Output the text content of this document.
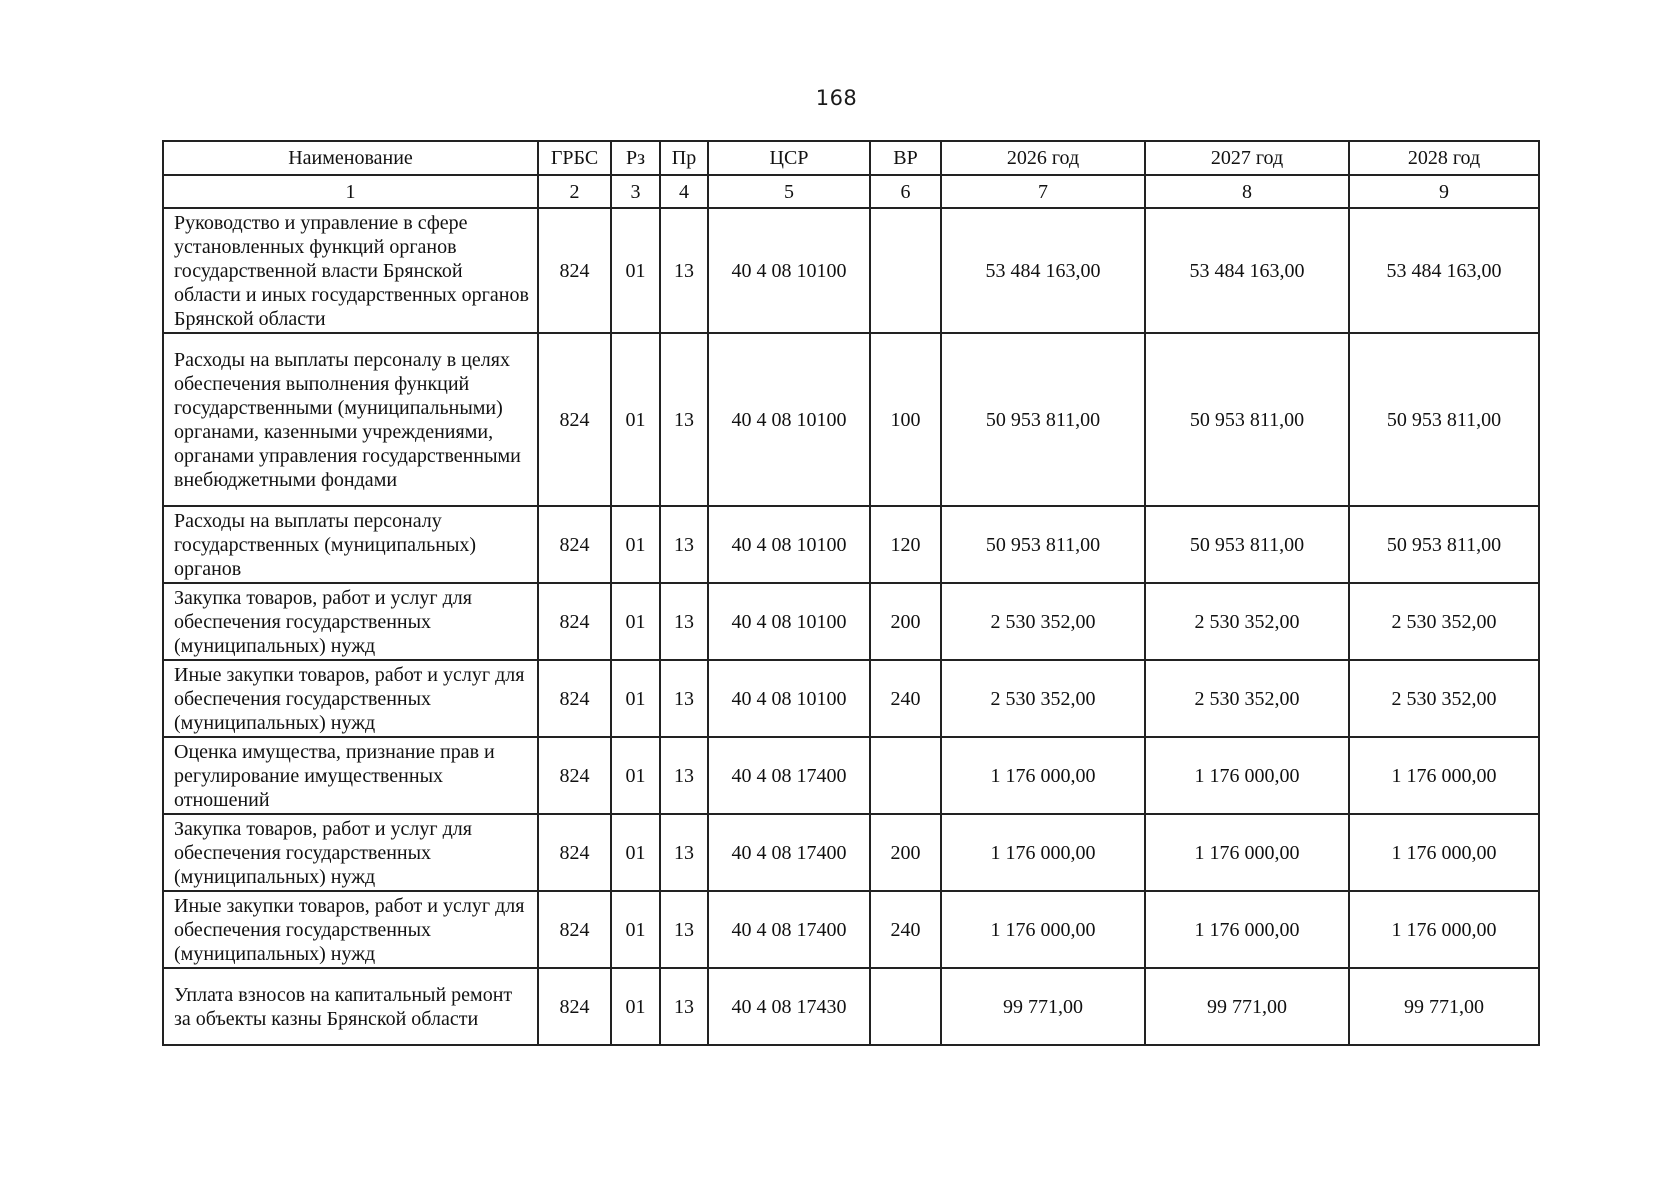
168
Наименование	ГРБС	Рз	Пр	ЦСР	ВР	2026 год	2027 год	2028 год
1	2	3	4	5	6	7	8	9
Руководство и управление в сфере установленных функций органов государственной власти Брянской области и иных государственных органов Брянской области	824	01	13	40 4 08 10100		53 484 163,00	53 484 163,00	53 484 163,00
Расходы на выплаты персоналу в целях обеспечения выполнения функций государственными (муниципальными) органами, казенными учреждениями, органами управления государственными внебюджетными фондами	824	01	13	40 4 08 10100	100	50 953 811,00	50 953 811,00	50 953 811,00
Расходы на выплаты персоналу государственных (муниципальных) органов	824	01	13	40 4 08 10100	120	50 953 811,00	50 953 811,00	50 953 811,00
Закупка товаров, работ и услуг для обеспечения государственных (муниципальных) нужд	824	01	13	40 4 08 10100	200	2 530 352,00	2 530 352,00	2 530 352,00
Иные закупки товаров, работ и услуг для обеспечения государственных (муниципальных) нужд	824	01	13	40 4 08 10100	240	2 530 352,00	2 530 352,00	2 530 352,00
Оценка имущества, признание прав и регулирование имущественных отношений	824	01	13	40 4 08 17400		1 176 000,00	1 176 000,00	1 176 000,00
Закупка товаров, работ и услуг для обеспечения государственных (муниципальных) нужд	824	01	13	40 4 08 17400	200	1 176 000,00	1 176 000,00	1 176 000,00
Иные закупки товаров, работ и услуг для обеспечения государственных (муниципальных) нужд	824	01	13	40 4 08 17400	240	1 176 000,00	1 176 000,00	1 176 000,00
Уплата взносов на капитальный ремонт за объекты казны Брянской области	824	01	13	40 4 08 17430		99 771,00	99 771,00	99 771,00
